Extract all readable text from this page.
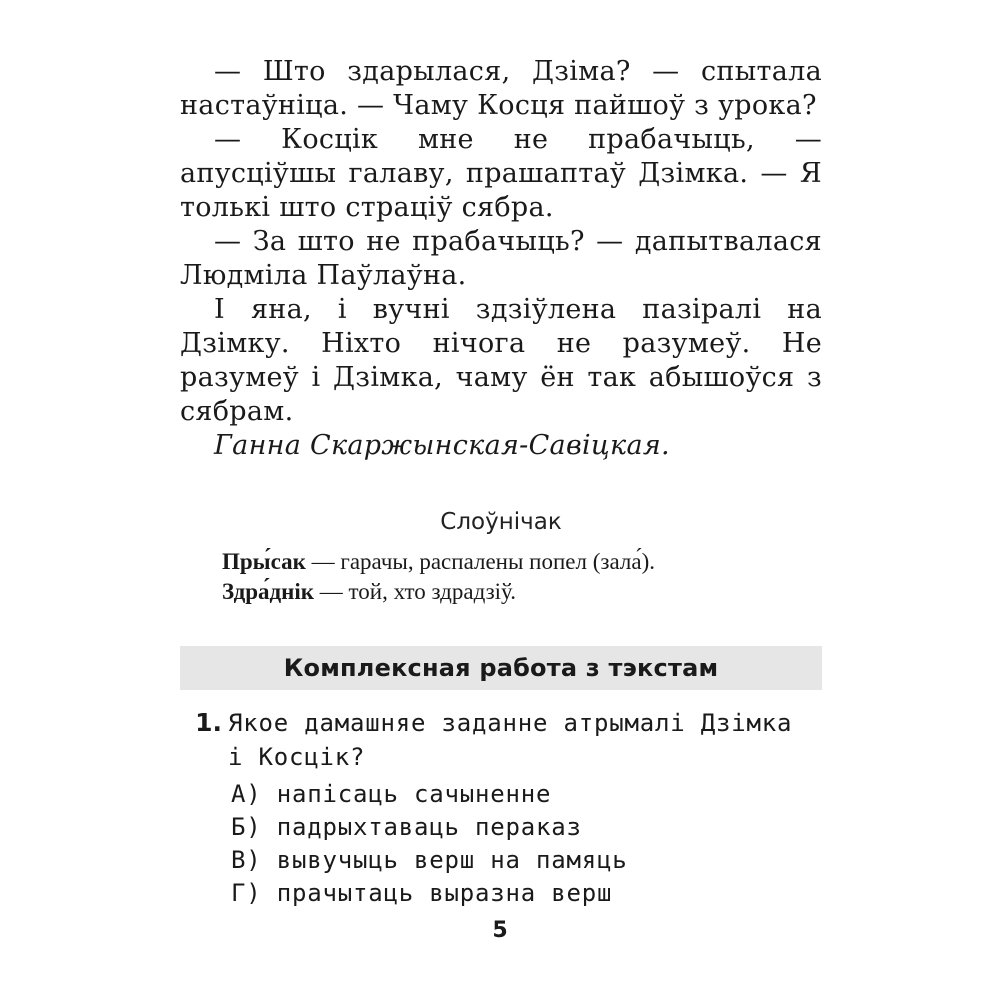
— Што здарылася, Дзіма? — спытала настаўніца. — Чаму Косця пайшоў з урока?

— Косцік мне не прабачыць, — апусціўшы галаву, прашаптаў Дзімка. — Я толькі што страціў сябра.

— За што не прабачыць? — дапытвалася Людміла Паўлаўна.

І яна, і вучні здзіўлена пазіралі на Дзімку. Ніхто нічога не разумеў. Не разумеў і Дзімка, чаму ён так абышоўся з сябрам.

Ганна Скаржынская-Савіцкая.

Слоўнічак
Пры́сак — гарачы, распалены попел (зала́).
Здра́днік — той, хто здрадзіў.
Комплексная работа з тэкстам
1. Якое дамашняе заданне атрымалі Дзімка і Косцік?
А) напісаць сачыненне
Б) падрыхтаваць пераказ
В) вывучыць верш на памяць
Г) прачытаць выразна верш
5
